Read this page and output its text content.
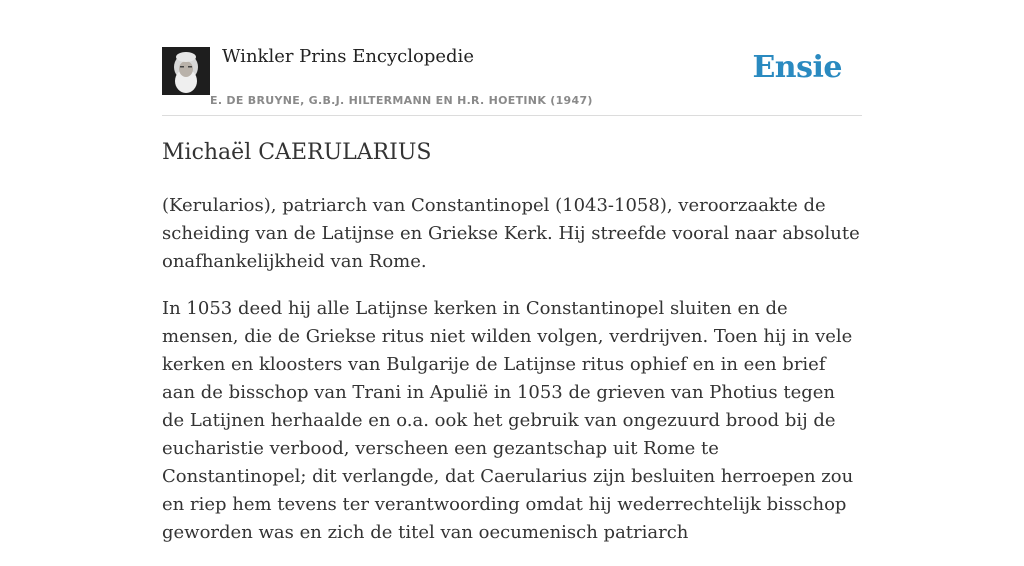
Winkler Prins Encyclopedie
E. DE BRUYNE, G.B.J. HILTERMANN EN H.R. HOETINK (1947)
Ensie
Michaël CAERULARIUS

(Kerularios), patriarch van Constantinopel (1043-1058), veroorzaakte de scheiding van de Latijnse en Griekse Kerk. Hij streefde vooral naar absolute onafhankelijkheid van Rome.

In 1053 deed hij alle Latijnse kerken in Constantinopel sluiten en de mensen, die de Griekse ritus niet wilden volgen, verdrijven. Toen hij in vele kerken en kloosters van Bulgarije de Latijnse ritus ophief en in een brief aan de bisschop van Trani in Apulië in 1053 de grieven van Photius tegen de Latijnen herhaalde en o.a. ook het gebruik van ongezuurd brood bij de eucharistie verbood, verscheen een gezantschap uit Rome te Constantinopel; dit verlangde, dat Caerularius zijn besluiten herroepen zou en riep hem tevens ter verantwoording omdat hij wederrechtelijk bisschop geworden was en zich de titel van oecumenisch patriarch
